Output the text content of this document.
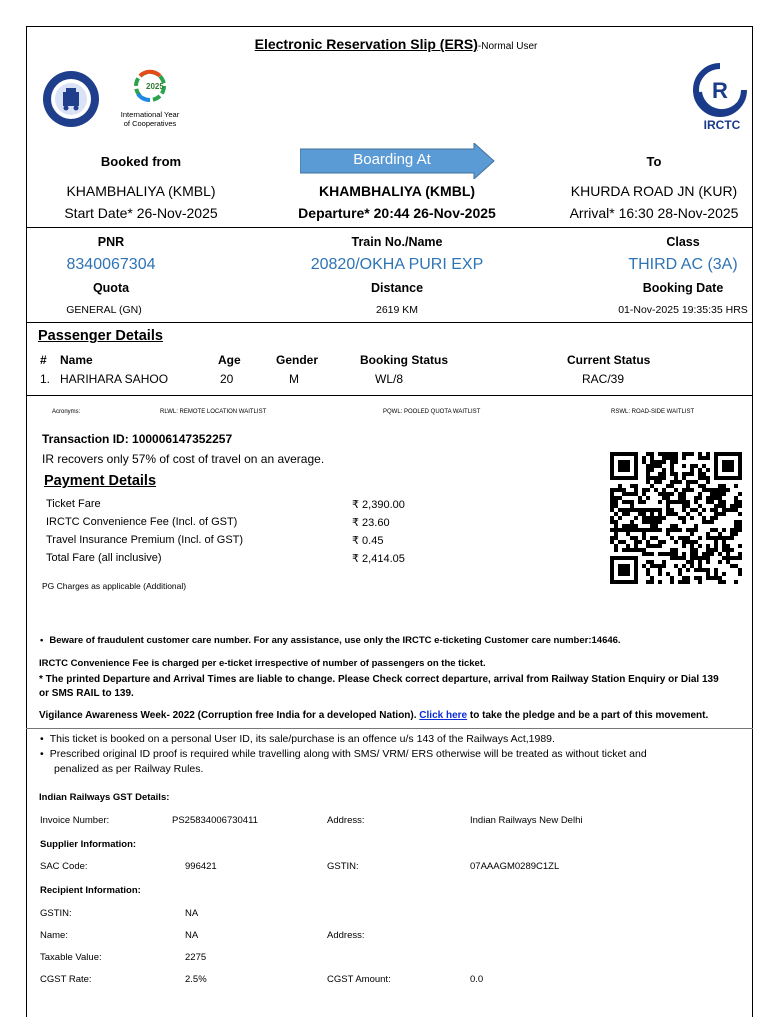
Electronic Reservation Slip (ERS)-Normal User
2025
International Year
of Cooperatives
R
IRCTC
Booked from	Boarding At	To
KHAMBHALIYA (KMBL)	KHAMBHALIYA (KMBL)	KHURDA ROAD JN (KUR)
Start Date* 26-Nov-2025	Departure* 20:44 26-Nov-2025	Arrival* 16:30 28-Nov-2025
PNR	Train No./Name	Class
8340067304	20820/OKHA PURI EXP	THIRD AC (3A)
Quota	Distance	Booking Date
GENERAL (GN)	2619 KM	01-Nov-2025 19:35:35 HRS
Passenger Details
# Name	Age	Gender	Booking Status	Current Status
1. HARIHARA SAHOO	20	M	WL/8	RAC/39
Acronyms:	RLWL: REMOTE LOCATION WAITLIST	PQWL: POOLED QUOTA WAITLIST	RSWL: ROAD-SIDE WAITLIST
Transaction ID: 100006147352257
IR recovers only 57% of cost of travel on an average.
Payment Details
Ticket Fare	₹ 2,390.00
IRCTC Convenience Fee (Incl. of GST)	₹ 23.60
Travel Insurance Premium (Incl. of GST)	₹ 0.45
Total Fare (all inclusive)	₹ 2,414.05
PG Charges as applicable (Additional)
• Beware of fraudulent customer care number. For any assistance, use only the IRCTC e-ticketing Customer care number:14646.
IRCTC Convenience Fee is charged per e-ticket irrespective of number of passengers on the ticket.
* The printed Departure and Arrival Times are liable to change. Please Check correct departure, arrival from Railway Station Enquiry or Dial 139
or SMS RAIL to 139.
Vigilance Awareness Week- 2022 (Corruption free India for a developed Nation). Click here to take the pledge and be a part of this movement.
• This ticket is booked on a personal User ID, its sale/purchase is an offence u/s 143 of the Railways Act,1989.
• Prescribed original ID proof is required while travelling along with SMS/ VRM/ ERS otherwise will be treated as without ticket and
penalized as per Railway Rules.
Indian Railways GST Details:
Invoice Number:	PS25834006730411	Address:	Indian Railways New Delhi
Supplier Information:
SAC Code:	996421	GSTIN:	07AAAGM0289C1ZL
Recipient Information:
GSTIN:	NA
Name:	NA	Address:
Taxable Value:	2275
CGST Rate:	2.5%	CGST Amount:	0.0
